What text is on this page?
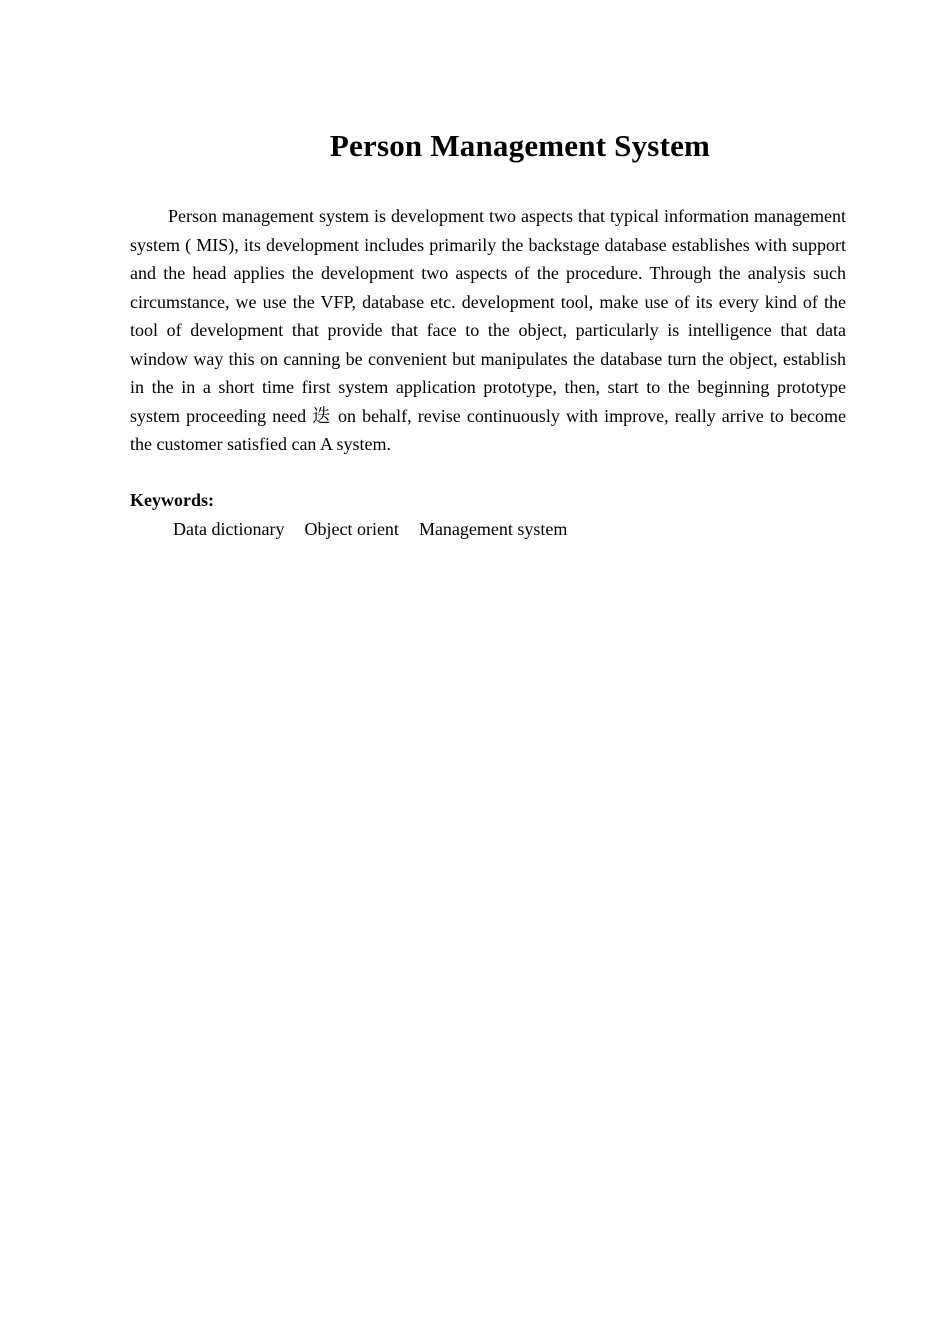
Person Management System

Person management system is development two aspects that typical information management system ( MIS), its development includes primarily the backstage database establishes with support and the head applies the development two aspects of the procedure. Through the analysis such circumstance, we use the VFP, database etc. development tool, make use of its every kind of the tool of development that provide that face to the object, particularly is intelligence that data window way this on canning be convenient but manipulates the database turn the object, establish in the in a short time first system application prototype, then, start to the beginning prototype system proceeding need 迭 on behalf, revise continuously with improve, really arrive to become the customer satisfied can A system.

Keywords:
Data dictionary Object orient Management system
